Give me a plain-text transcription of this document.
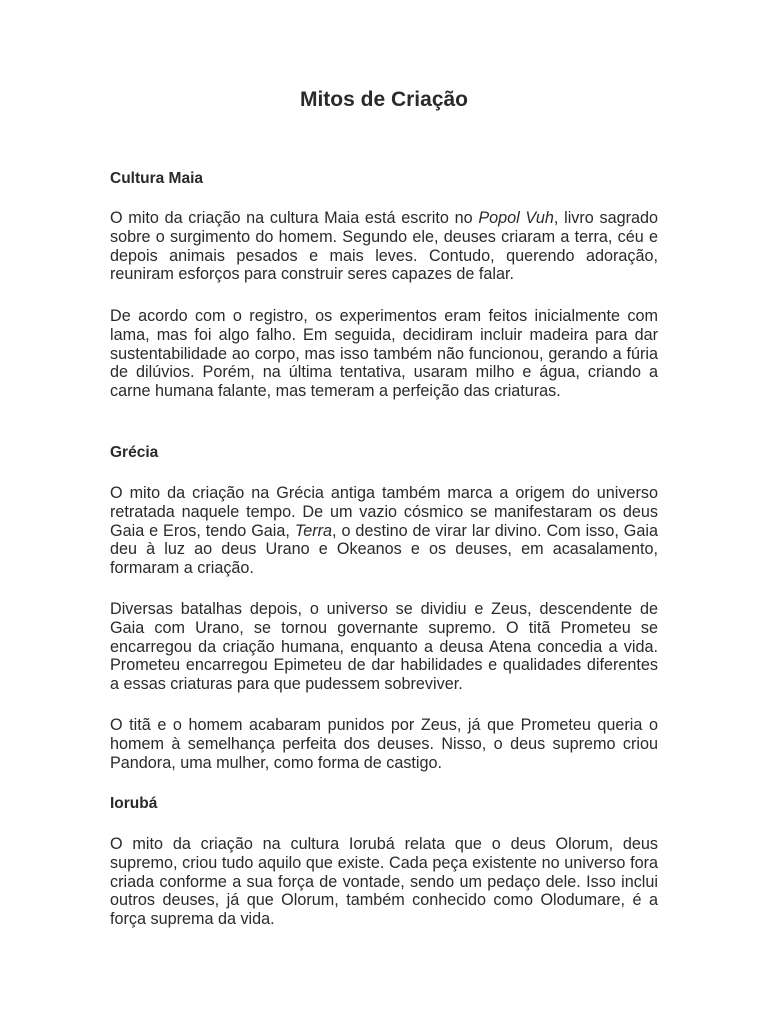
Mitos de Criação
Cultura Maia

O mito da criação na cultura Maia está escrito no Popol Vuh, livro sagrado sobre o surgimento do homem. Segundo ele, deuses criaram a terra, céu e depois animais pesados e mais leves. Contudo, querendo adoração, reuniram esforços para construir seres capazes de falar.

De acordo com o registro, os experimentos eram feitos inicialmente com lama, mas foi algo falho. Em seguida, decidiram incluir madeira para dar sustentabilidade ao corpo, mas isso também não funcionou, gerando a fúria de dilúvios. Porém, na última tentativa, usaram milho e água, criando a carne humana falante, mas temeram a perfeição das criaturas.

Grécia

O mito da criação na Grécia antiga também marca a origem do universo retratada naquele tempo. De um vazio cósmico se manifestaram os deus Gaia e Eros, tendo Gaia, Terra, o destino de virar lar divino. Com isso, Gaia deu à luz ao deus Urano e Okeanos e os deuses, em acasalamento, formaram a criação.

Diversas batalhas depois, o universo se dividiu e Zeus, descendente de Gaia com Urano, se tornou governante supremo. O titã Prometeu se encarregou da criação humana, enquanto a deusa Atena concedia a vida. Prometeu encarregou Epimeteu de dar habilidades e qualidades diferentes a essas criaturas para que pudessem sobreviver.

O titã e o homem acabaram punidos por Zeus, já que Prometeu queria o homem à semelhança perfeita dos deuses. Nisso, o deus supremo criou Pandora, uma mulher, como forma de castigo.

Iorubá

O mito da criação na cultura Iorubá relata que o deus Olorum, deus supremo, criou tudo aquilo que existe. Cada peça existente no universo fora criada conforme a sua força de vontade, sendo um pedaço dele. Isso inclui outros deuses, já que Olorum, também conhecido como Olodumare, é a força suprema da vida.
